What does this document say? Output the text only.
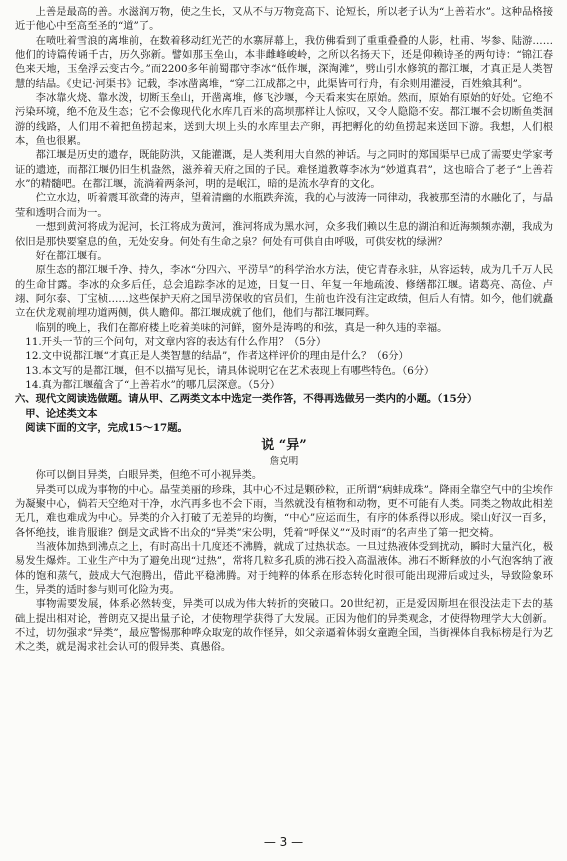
上善是最高的善。水滋润万物，使之生长，又从不与万物竞高下、论短长，所以老子认为“上善若水”。这种品格接近于他心中至高至圣的“道”了。

在喷吐着雪浪的离堆前，在数着移动红光芒的水寨屏幕上，我仿佛看到了重重叠叠的人影，杜甫、岑参、陆游……他们的诗篇传诵千古，历久弥新。譬如那玉垒山，本非雌峰峻岭，之所以名扬天下，还是仰赖诗圣的两句诗：“锦江春色来天地，玉垒浮云变古今。”而2200多年前蜀郡守李冰“低作堰，深淘滩”，劈山引水修筑的都江堰，才真正是人类智慧的结晶。《史记·河渠书》记载，李冰凿离堆，“穿二江成都之中，此渠皆可行舟，有余则用灌浸，百姓飨其利”。

李冰靠火烧、靠水泼，切断玉垒山，开凿离堆，修飞沙堰，今天看来实在原始。然而，原始有原始的好处。它绝不污染环境，绝不危及生态；它不会像现代化水库几百米的高坝那样让人惊叹，又令人隐隐不安。都江堰不会切断鱼类洄游的线路，人们用不着把鱼捞起来，送到大坝上头的水库里去产卵，再把孵化的幼鱼捞起来送回下游。我想，人们根本，鱼也很累。

都江堰是历史的遗存，既能防洪，又能灌溉，是人类利用大自然的神话。与之同时的郑国渠早已成了需要史学家考证的遗迹，而都江堰仍旧生机盎然，滋养着天府之国的子民。难怪道教尊李冰为“妙道真君”，这也暗合了老子“上善若水”的精髓吧。在都江堰，流淌着两条河，明的是岷江，暗的是流水孕育的文化。

伫立水边，听着震耳欲聋的涛声，望着清幽的水瓶跌奔流，我的心与波涛一同律动，我被那至清的水融化了，与晶莹和透明合而为一。

一想到黄河将成为泥河，长江将成为黄河，淮河将成为黑水河，众多我们赖以生息的湖泊和近海频频赤潮，我成为依旧是那快要窒息的鱼，无处安身。何处有生命之泉？何处有可供自由呼吸，可供安枕的绿洲？

好在都江堰有。

原生态的都江堰千净、持久，李冰“分四六、平涝旱”的科学治水方法，使它青春永驻，从容运转，成为几千万人民的生命甘露。李冰的众多后任，总会追踪李冰的足迹，日复一日、年复一年地疏浚、修缮都江堰。诸葛亮、高俭、卢翊、阿尔泰、丁宝桢……这些保护天府之国旱涝保收的官员们，生前也许没有注定政绩，但后人有情。如今，他们就矗立在伏龙观前埋功道两侧，供人瞻仰。都江堰成就了他们，他们与都江堰同辉。

临别的晚上，我们在都府楼上吃着美味的河鲜，窗外是涛鸣的和弦，真是一种久违的幸福。

11.开头一节的三个问句，对文章内容的表达有什么作用？（5分）

12.文中说都江堰“才真正是人类智慧的结晶”，作者这样评价的理由是什么？（6分）

13.本文写的是都江堰，但不以描写见长，请具体说明它在艺术表现上有哪些特色。（6分）

14.真为都江堰蕴含了“上善若水”的哪几层深意。（5分）

六、现代文阅读选做题。请从甲、乙两类文本中选定一类作答，不得再选做另一类内的小题。（15分）

甲、论述类文本

阅读下面的文字，完成15～17题。

说 “异”
詹克明

你可以倒目异类，白眼异类，但绝不可小视异类。

异类可以成为事物的中心。晶莹美丽的珍珠，其中心不过是颗砂粒，正所谓“病蚌成珠”。降雨全靠空气中的尘埃作为凝聚中心，倘若天空绝对干净，水汽再多也不会下雨，当然就没有植物和动物，更不可能有人类。同类之物故此相差无几，难也难成为中心。异类的介入打破了无差异的均衡，“中心”应运而生，有序的体系得以形成。梁山好汉一百多，各怀绝技，谁肯服谁？倒是文武皆不出众的“异类”宋公明，凭着“呼保义”“及时雨”的名声坐了第一把交椅。

当液体加热到沸点之上，有时高出十几度还不沸腾，就成了过热状态。一旦过热液体受到扰动，瞬时大量汽化，极易发生爆炸。工业生产中为了避免出现“过热”，常将几粒多孔质的沸石投入高温液体。沸石不断释放的小气泡客纳了液体的饱和蒸气，鼓成大气泡腾出，借此平稳沸腾。对于纯粹的体系在形态转化时很可能出现滞后或过头，导致险象环生，异类的适时参与则可化险为夷。

事物需要发展，体系必然转变，异类可以成为伟大转折的突破口。20世纪初，正是爱因斯坦在很没法走下去的基础上提出相对论，普朗克又提出量子论，才使物理学获得了大发展。正因为他们的异类观念，才使得物理学大大创新。不过，切勿强求“异类”，最应警惕那种哗众取宠的故作怪异，如父亲逼着体弱女童跑全国，当街裸体自我标榜是行为艺术之类，就是渴求社会认可的假异类、真愚俗。

— 3 —
